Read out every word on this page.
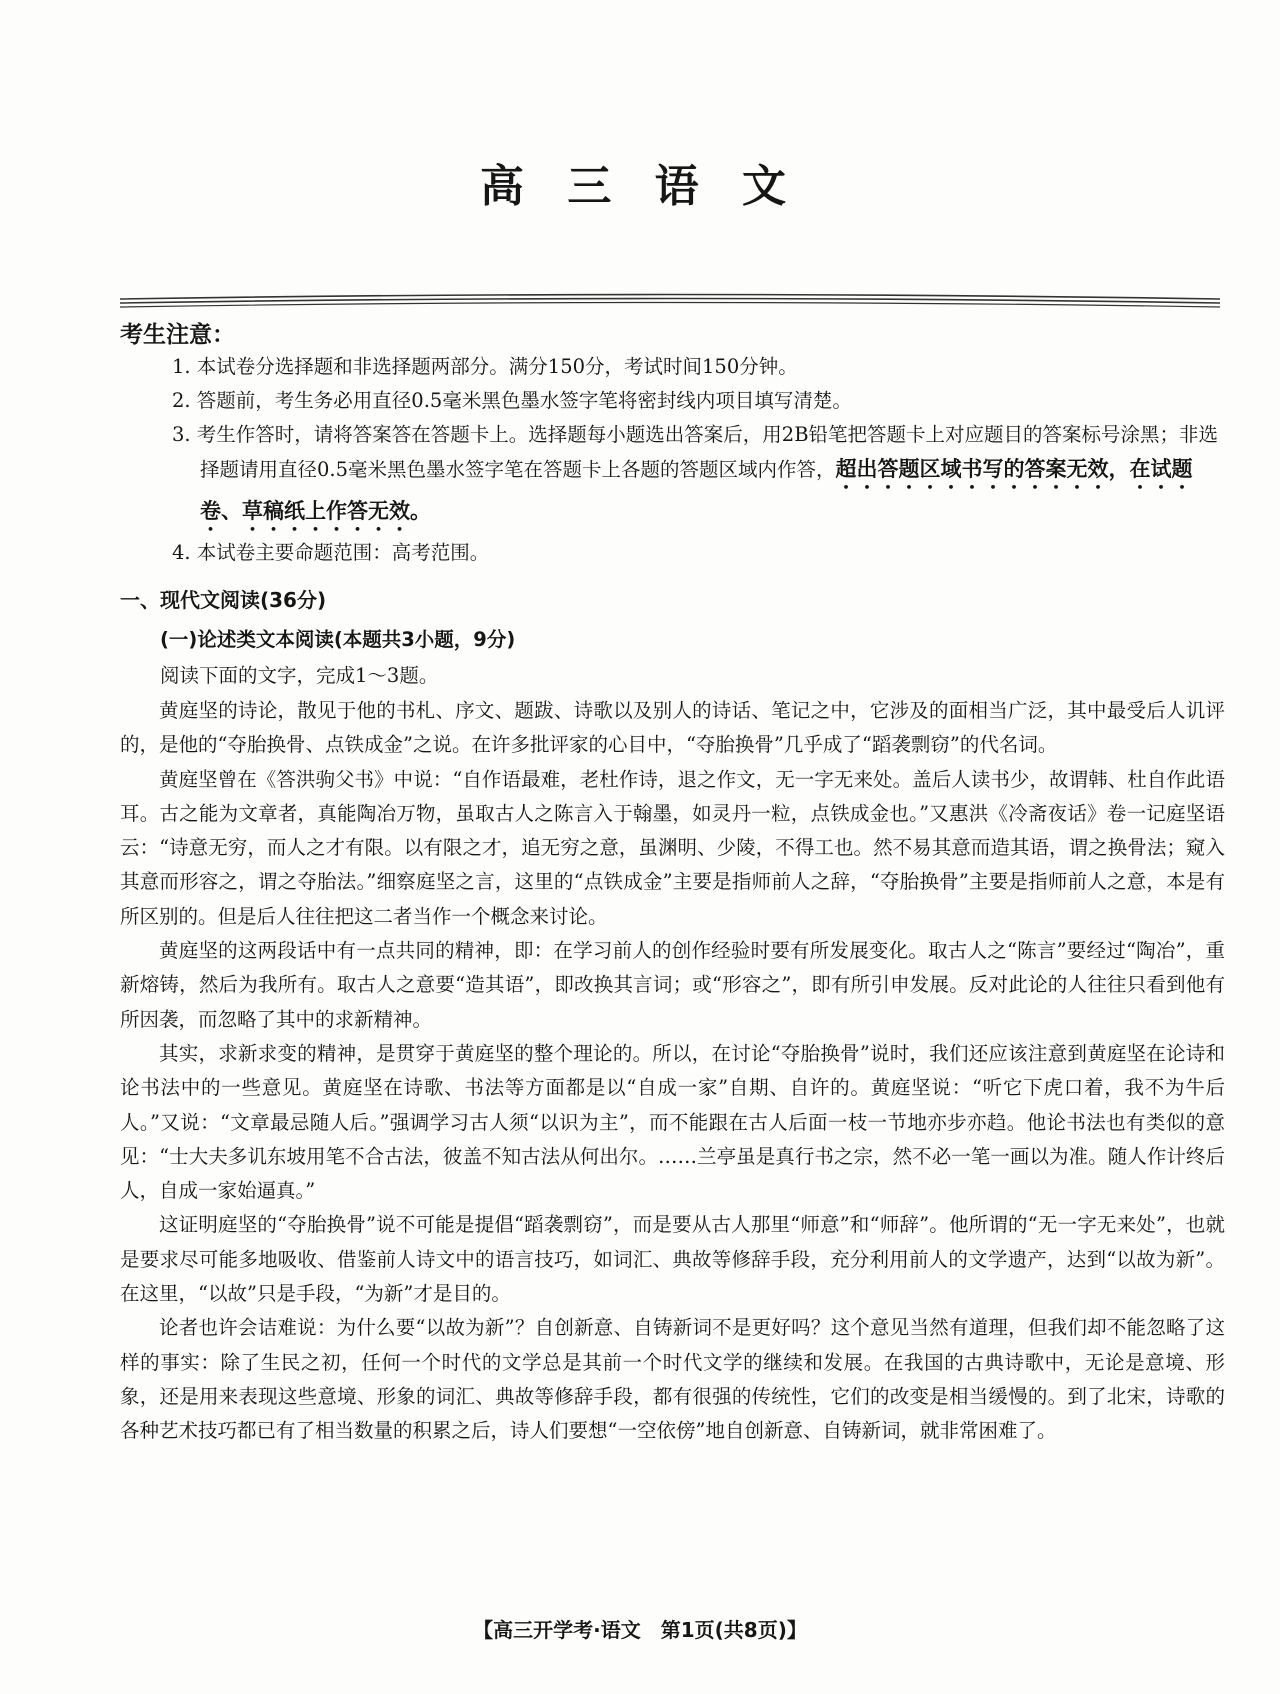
高 三 语 文
考生注意：

1. 本试卷分选择题和非选择题两部分。满分150分，考试时间150分钟。

2. 答题前，考生务必用直径0.5毫米黑色墨水签字笔将密封线内项目填写清楚。

3. 考生作答时，请将答案答在答题卡上。选择题每小题选出答案后，用2B铅笔把答题卡上对应题目的答案标号涂黑；非选择题请用直径0.5毫米黑色墨水签字笔在答题卡上各题的答题区域内作答，超出答题区域书写的答案无效，在试题卷、草稿纸上作答无效。

4. 本试卷主要命题范围：高考范围。

一、现代文阅读(36分)
(一)论述类文本阅读(本题共3小题，9分)
阅读下面的文字，完成1～3题。

黄庭坚的诗论，散见于他的书札、序文、题跋、诗歌以及别人的诗话、笔记之中，它涉及的面相当广泛，其中最受后人讥评的，是他的“夺胎换骨、点铁成金”之说。在许多批评家的心目中，“夺胎换骨”几乎成了“蹈袭剽窃”的代名词。

黄庭坚曾在《答洪驹父书》中说：“自作语最难，老杜作诗，退之作文，无一字无来处。盖后人读书少，故谓韩、杜自作此语耳。古之能为文章者，真能陶冶万物，虽取古人之陈言入于翰墨，如灵丹一粒，点铁成金也。”又惠洪《冷斋夜话》卷一记庭坚语云：“诗意无穷，而人之才有限。以有限之才，追无穷之意，虽渊明、少陵，不得工也。然不易其意而造其语，谓之换骨法；窥入其意而形容之，谓之夺胎法。”细察庭坚之言，这里的“点铁成金”主要是指师前人之辞，“夺胎换骨”主要是指师前人之意，本是有所区别的。但是后人往往把这二者当作一个概念来讨论。

黄庭坚的这两段话中有一点共同的精神，即：在学习前人的创作经验时要有所发展变化。取古人之“陈言”要经过“陶冶”，重新熔铸，然后为我所有。取古人之意要“造其语”，即改换其言词；或“形容之”，即有所引申发展。反对此论的人往往只看到他有所因袭，而忽略了其中的求新精神。

其实，求新求变的精神，是贯穿于黄庭坚的整个理论的。所以，在讨论“夺胎换骨”说时，我们还应该注意到黄庭坚在论诗和论书法中的一些意见。黄庭坚在诗歌、书法等方面都是以“自成一家”自期、自许的。黄庭坚说：“听它下虎口着，我不为牛后人。”又说：“文章最忌随人后。”强调学习古人须“以识为主”，而不能跟在古人后面一枝一节地亦步亦趋。他论书法也有类似的意见：“士大夫多讥东坡用笔不合古法，彼盖不知古法从何出尔。……兰亭虽是真行书之宗，然不必一笔一画以为准。随人作计终后人，自成一家始逼真。”

这证明庭坚的“夺胎换骨”说不可能是提倡“蹈袭剽窃”，而是要从古人那里“师意”和“师辞”。他所谓的“无一字无来处”，也就是要求尽可能多地吸收、借鉴前人诗文中的语言技巧，如词汇、典故等修辞手段，充分利用前人的文学遗产，达到“以故为新”。在这里，“以故”只是手段，“为新”才是目的。

论者也许会诘难说：为什么要“以故为新”？自创新意、自铸新词不是更好吗？这个意见当然有道理，但我们却不能忽略了这样的事实：除了生民之初，任何一个时代的文学总是其前一个时代文学的继续和发展。在我国的古典诗歌中，无论是意境、形象，还是用来表现这些意境、形象的词汇、典故等修辞手段，都有很强的传统性，它们的改变是相当缓慢的。到了北宋，诗歌的各种艺术技巧都已有了相当数量的积累之后，诗人们要想“一空依傍”地自创新意、自铸新词，就非常困难了。

【高三开学考·语文　第1页(共8页)】
